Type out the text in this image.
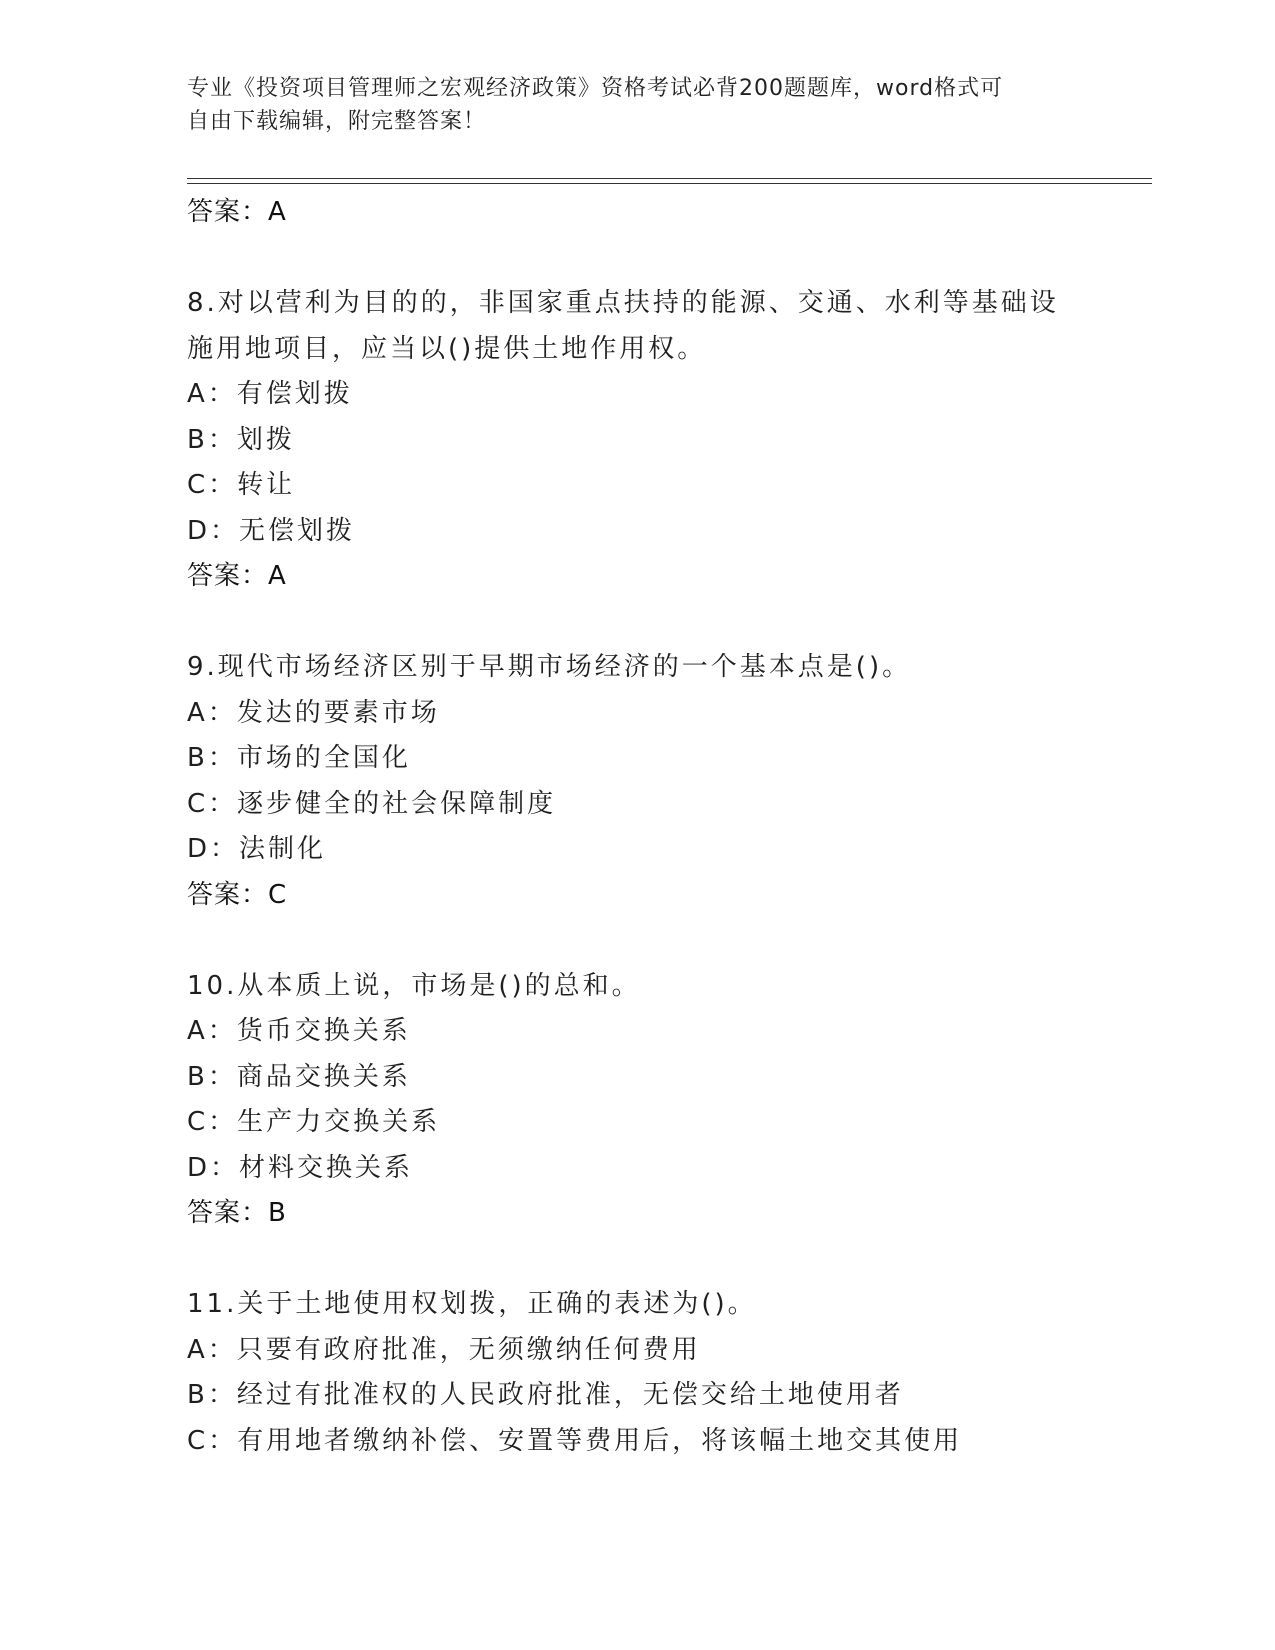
专业《投资项目管理师之宏观经济政策》资格考试必背200题题库，word格式可
自由下载编辑，附完整答案！
答案：A
8.对以营利为目的的，非国家重点扶持的能源、交通、水利等基础设
施用地项目，应当以()提供土地作用权。
A：有偿划拨
B：划拨
C：转让
D：无偿划拨
答案：A
9.现代市场经济区别于早期市场经济的一个基本点是()。
A：发达的要素市场
B：市场的全国化
C：逐步健全的社会保障制度
D：法制化
答案：C
10.从本质上说，市场是()的总和。
A：货币交换关系
B：商品交换关系
C：生产力交换关系
D：材料交换关系
答案：B
11.关于土地使用权划拨，正确的表述为()。
A：只要有政府批准，无须缴纳任何费用
B：经过有批准权的人民政府批准，无偿交给土地使用者
C：有用地者缴纳补偿、安置等费用后，将该幅土地交其使用
